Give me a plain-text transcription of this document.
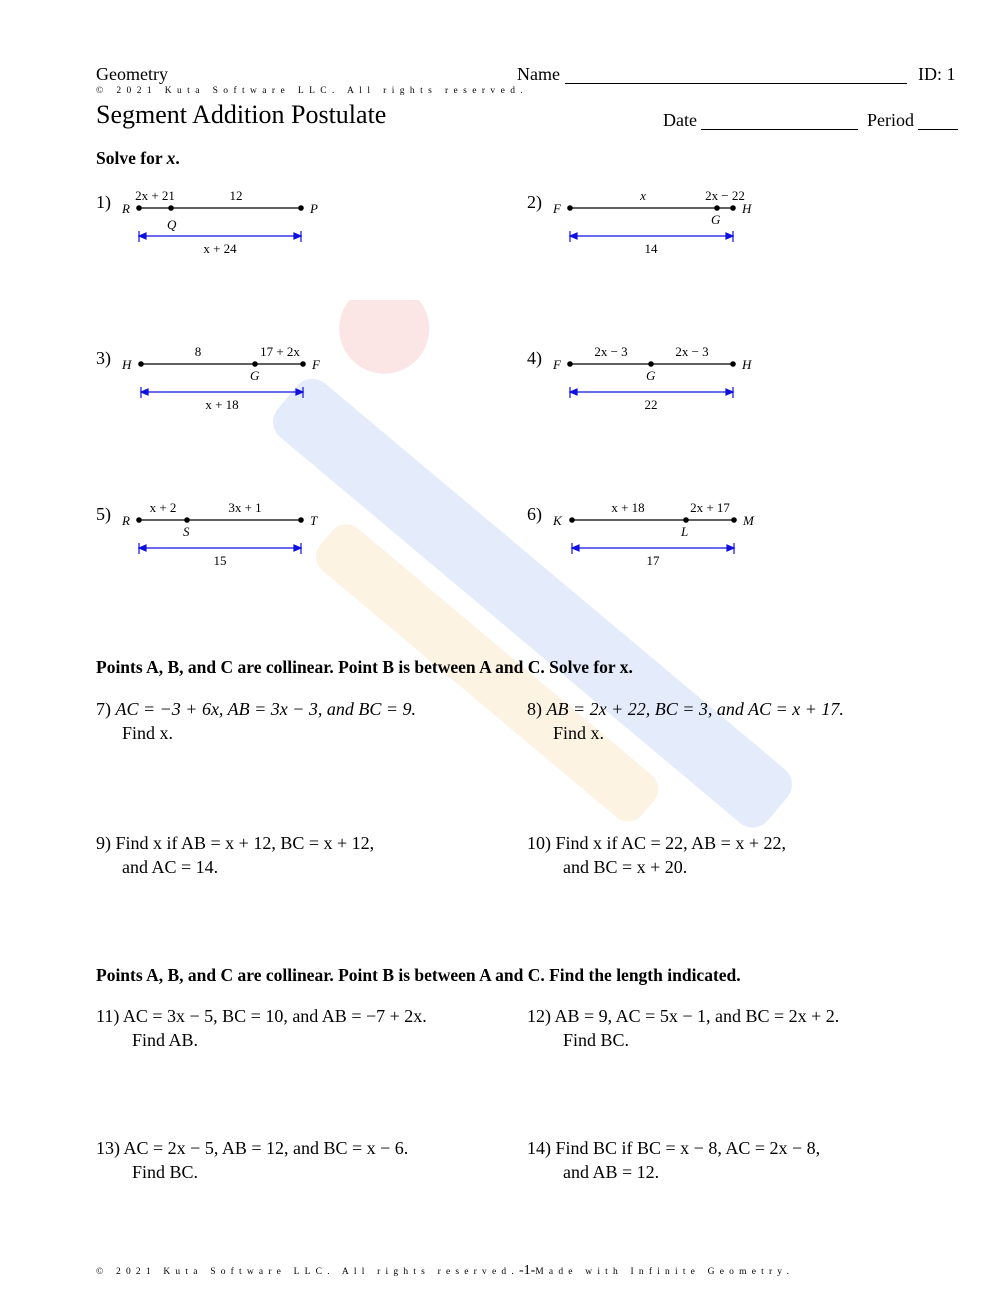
Geometry	Name	ID: 1
© 2021 Kuta Software LLC. All rights reserved.
Segment Addition Postulate	Date	Period
Solve for x.
1) R
Q
P
2x + 21	12
x + 24
2) F
G
H
x	2x − 22
14
3) H
G
F
8	17 + 2x
x + 18
4) F
G
H
2x − 3	2x − 3
22
5) R
S
T
x + 2	3x + 1
15
6) K
L
M
x + 18	2x + 17
17
Points A, B, and C are collinear. Point B is between A and C. Solve for x.
7) AC = −3 + 6x, AB = 3x − 3, and BC = 9.
Find x.
8) AB = 2x + 22, BC = 3, and AC = x + 17.
Find x.
9) Find x if AB = x + 12, BC = x + 12,
and AC = 14.
10) Find x if AC = 22, AB = x + 22,
and BC = x + 20.
Points A, B, and C are collinear. Point B is between A and C. Find the length indicated.
11) AC = 3x − 5, BC = 10, and AB = −7 + 2x.
Find AB.
12) AB = 9, AC = 5x − 1, and BC = 2x + 2.
Find BC.
13) AC = 2x − 5, AB = 12, and BC = x − 6.
Find BC.
14) Find BC if BC = x − 8, AC = 2x − 8,
and AB = 12.
© 2021 Kuta Software LLC. All rights reserved.-1-Made with Infinite Geometry.
